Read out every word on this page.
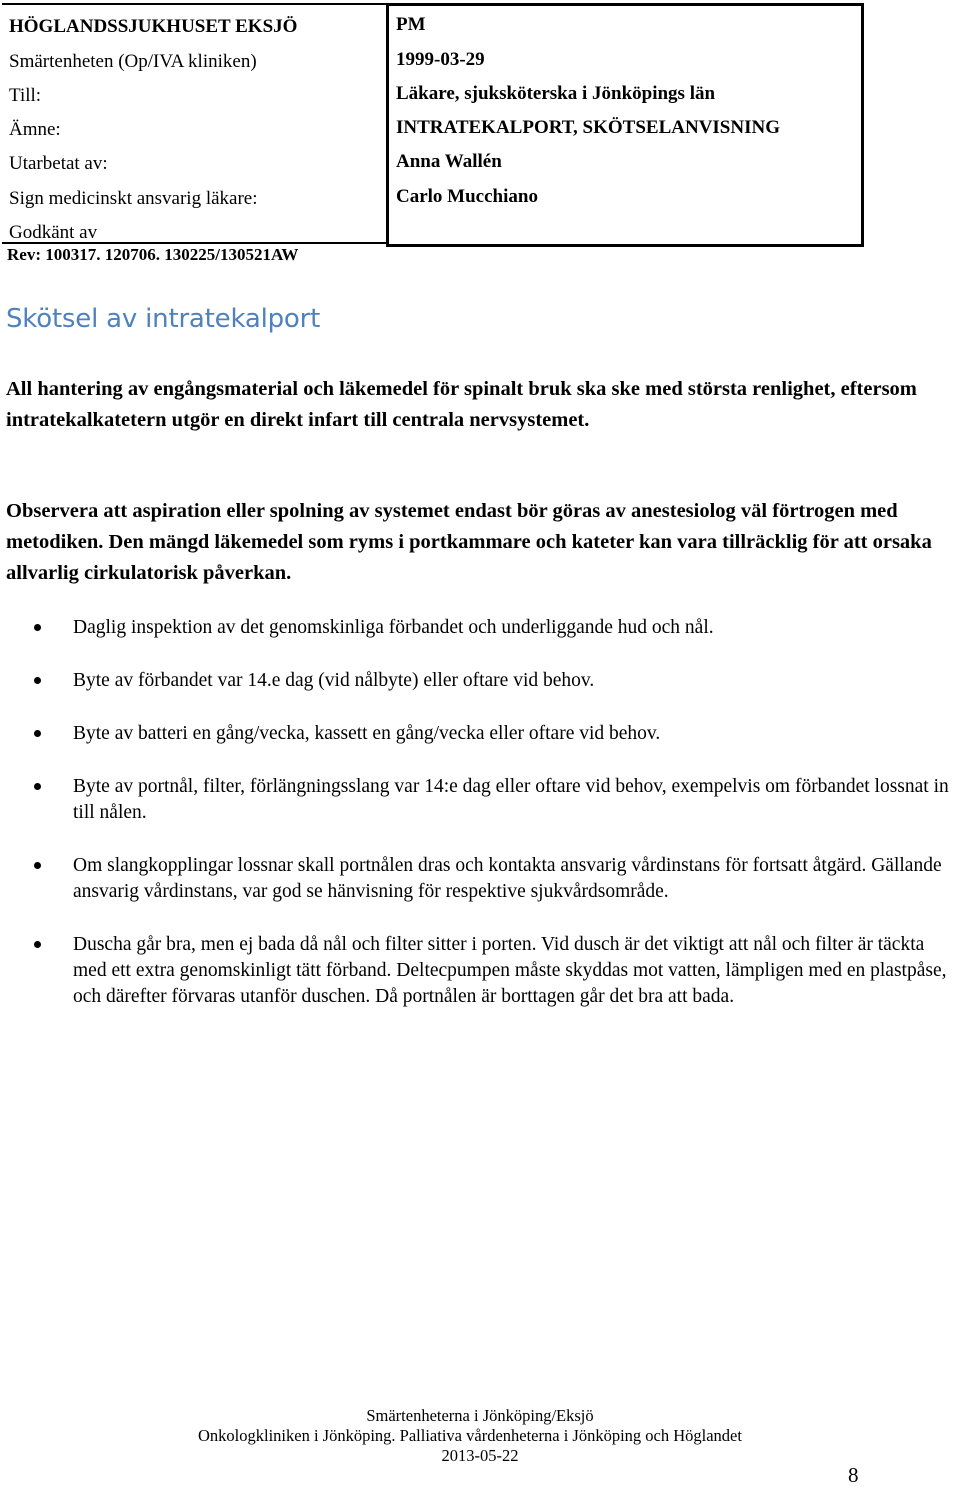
HÖGLANDSSJUKHUSET EKSJÖ
Smärtenheten (Op/IVA kliniken)
Till:
Ämne:
Utarbetat av:
Sign medicinskt ansvarig läkare:
Godkänt av
PM
1999-03-29
Läkare, sjuksköterska i Jönköpings län
INTRATEKALPORT, SKÖTSELANVISNING
Anna Wallén
Carlo Mucchiano
Rev: 100317. 120706. 130225/130521AW
Skötsel av intratekalport
All hantering av engångsmaterial och läkemedel för spinalt bruk ska ske med största renlighet, eftersom intratekalkatetern utgör en direkt infart till centrala nervsystemet.
Observera att aspiration eller spolning av systemet endast bör göras av anestesiolog väl förtrogen med metodiken. Den mängd läkemedel som ryms i portkammare och kateter kan vara tillräcklig för att orsaka allvarlig cirkulatorisk påverkan.
Daglig inspektion av det genomskinliga förbandet och underliggande hud och nål.
Byte av förbandet var 14.e dag (vid nålbyte) eller oftare vid behov.
Byte av batteri en gång/vecka, kassett en gång/vecka eller oftare vid behov.
Byte av portnål, filter, förlängningsslang var 14:e dag eller oftare vid behov, exempelvis om förbandet lossnat in till nålen.
Om slangkopplingar lossnar skall portnålen dras och kontakta ansvarig vårdinstans för fortsatt åtgärd. Gällande ansvarig vårdinstans, var god se hänvisning för respektive sjukvårdsområde.
Duscha går bra, men ej bada då nål och filter sitter i porten. Vid dusch är det viktigt att nål och filter är täckta med ett extra genomskinligt tätt förband. Deltecpumpen måste skyddas mot vatten, lämpligen med en plastpåse, och därefter förvaras utanför duschen. Då portnålen är borttagen går det bra att bada.
Smärtenheterna i Jönköping/Eksjö
Onkologkliniken i Jönköping. Palliativa vårdenheterna i Jönköping och Höglandet
2013-05-22
8
